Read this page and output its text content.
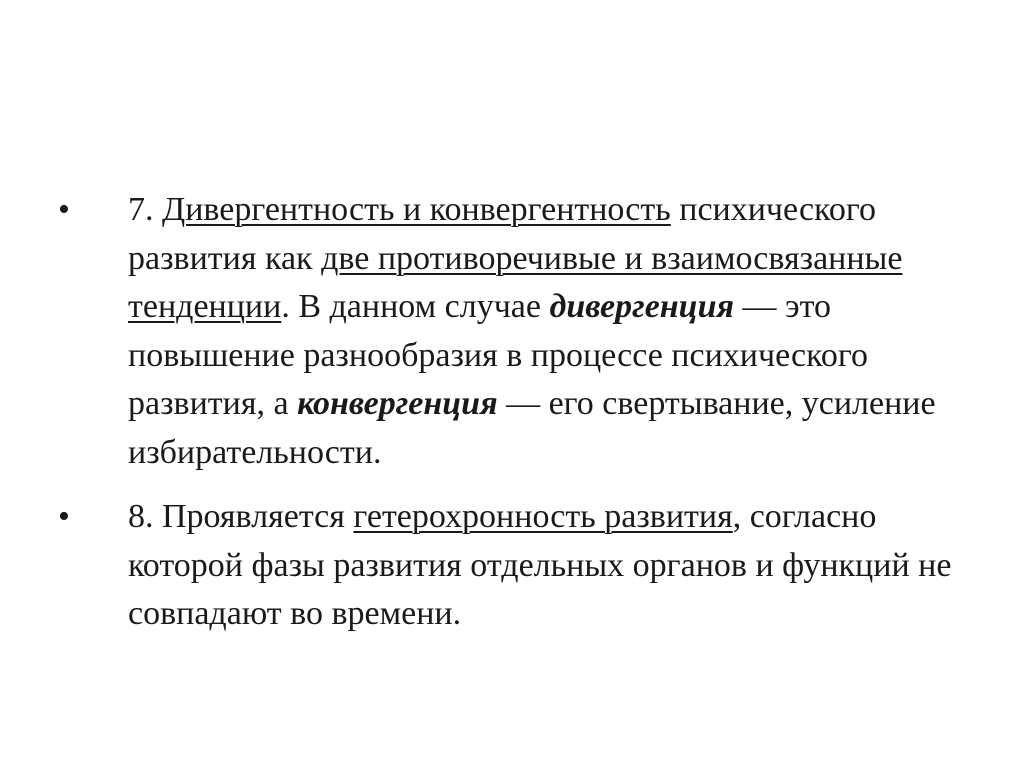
•	7. Дивергентность и конвергентность психического развития как две противоречивые и взаимосвязанные тенденции. В данном случае дивергенция — это повышение разнообразия в процессе психического развития, а конвергенция — его свертывание, усиление избирательности.
•	8. Проявляется гетерохронность развития, согласно которой фазы развития отдельных органов и функций не совпадают во времени.
